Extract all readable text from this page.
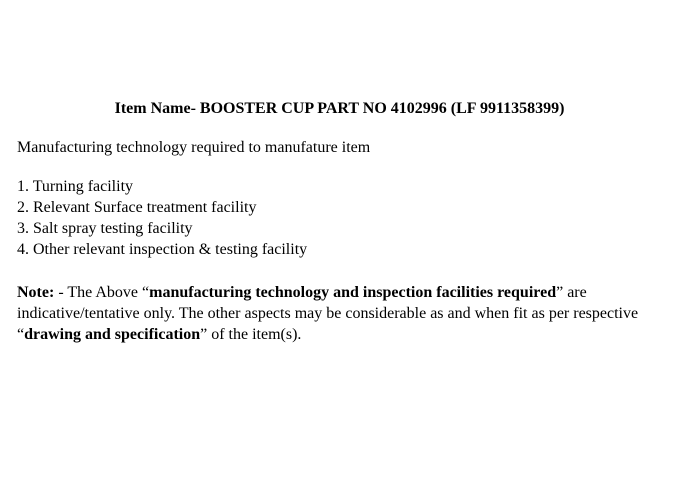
Item Name- BOOSTER CUP PART NO 4102996 (LF 9911358399)
Manufacturing technology required to manufature item
1. Turning facility
2. Relevant Surface treatment facility
3. Salt spray testing facility
4. Other relevant inspection & testing facility
Note: - The Above “manufacturing technology and inspection facilities required” are indicative/tentative only. The other aspects may be considerable as and when fit as per respective “drawing and specification” of the item(s).
